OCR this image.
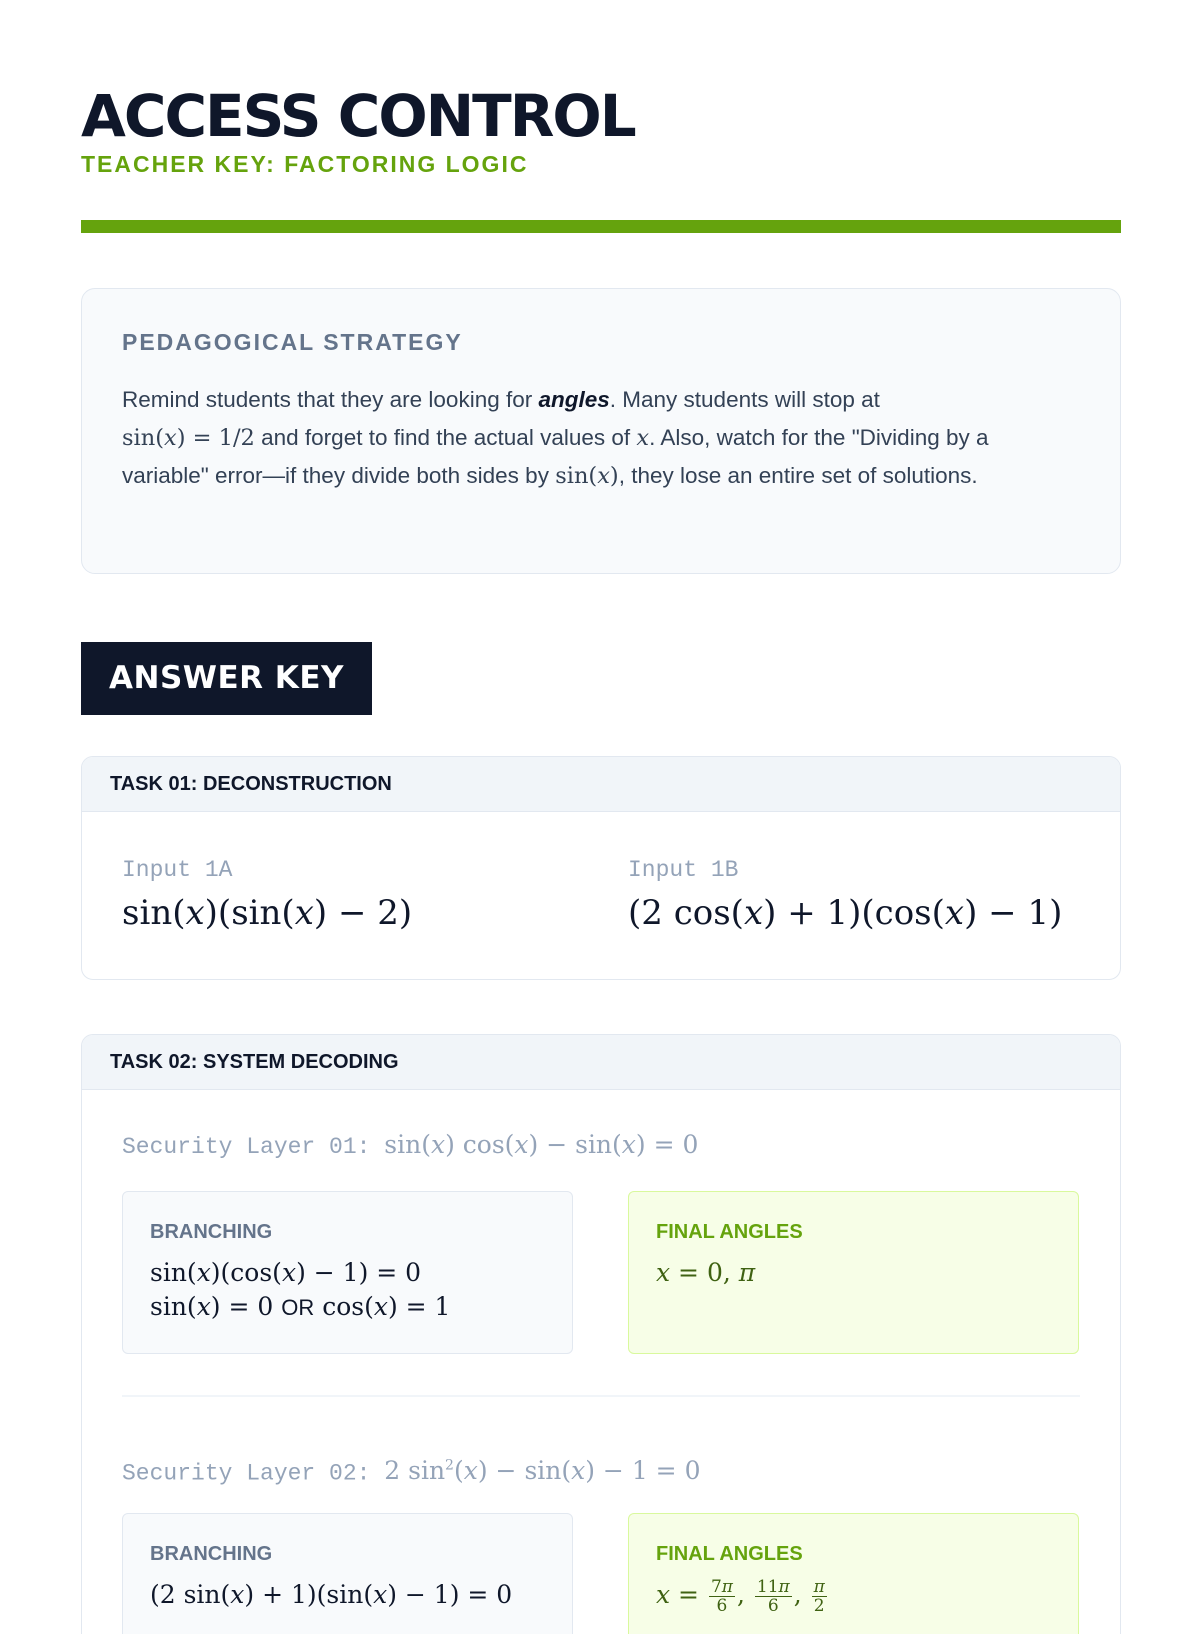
ACCESS CONTROL
TEACHER KEY: FACTORING LOGIC
PEDAGOGICAL STRATEGY

Remind students that they are looking for angles. Many students will stop at
sin(x) = 1/2 and forget to find the actual values of x. Also, watch for the "Dividing by a variable" error—if they divide both sides by sin(x), they lose an entire set of solutions.

ANSWER KEY
TASK 01: DECONSTRUCTION
Input 1A
sin(x)(sin(x) − 2)
Input 1B
(2 cos(x) + 1)(cos(x) − 1)
TASK 02: SYSTEM DECODING
Security Layer 01: sin(x) cos(x) − sin(x) = 0
BRANCHING

sin(x)(cos(x) − 1) = 0

sin(x) = 0 OR cos(x) = 1

FINAL ANGLES

x = 0, π

Security Layer 02: 2 $\sin^2(x) - \sin(x) - 1 = 0$
BRANCHING

(2 sin(x) + 1)(sin(x) − 1) = 0

FINAL ANGLES

$x = \frac{7\pi}{6}$ , $\frac{11\pi}{6}$ , $\frac{\pi}{2}$
